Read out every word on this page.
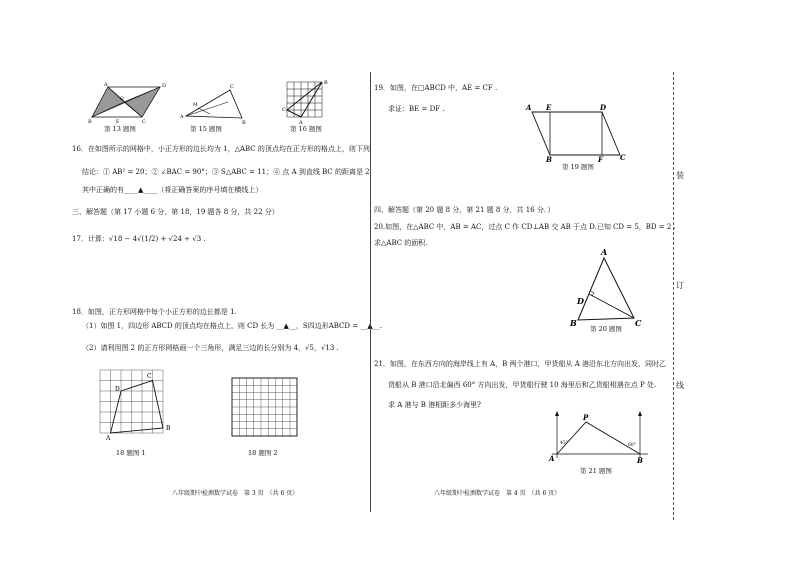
A	D
B	C
O
E
第 13 题图
A
C
B
M
第 15 题图
B
C
A
第 16 题图
16．在如图所示的网格中，小正方形的边长均为 1，△ABC 的顶点均在正方形的格点上，则下列
结论：① AB² = 20；② ∠BAC = 90°；③ S△ABC = 11；④ 点 A 到直线 BC 的距离是 2.
其中正确的有____▲____（将正确答案的序号填在横线上）
三、解答题（第 17 小题 6 分，第 18，19 题各 8 分，共 22 分）
17．计算：√18 − 4√(1/2) + √24 ÷ √3 .
18．如图，正方形网格中每个小正方形的边长都是 1.
（1）如图 1，四边形 ABCD 的顶点均在格点上，则 CD 长为 __▲__，S四边形ABCD = __▲__.
（2）请利用图 2 的正方形网格画一个三角形，满足三边的长分别为 4，√5，√13 .
A
B
C
D
18 题图 1	18 题图 2
八年级期中检测数学试卷　第 3 页　（共 6 页）
19．如图，在□ABCD 中，AE = CF .
求证：BE = DF .	A E	D
B	F C
第 19 题图
四、解答题（第 20 题 8 分，第 21 题 8 分，共 16 分．）
20.如图，在△ABC 中，AB = AC，过点 C 作 CD⊥AB 交 AB 于点 D.已知 CD = 5，BD = 2 .
求△ABC 的面积.
A
D
B	C
第 20 题图
21．如图，在东西方向的海岸线上有 A，B 两个港口，甲货船从 A 港沿东北方向出发，同时乙
货船从 B 港口沿北偏西 60° 方向出发，甲货船行驶 10 海里后和乙货船相遇在点 P 处.
求 A 港与 B 港相距多少海里?
P
A	B
45°	60°
第 21 题图
八年级期中检测数学试卷　第 4 页　（共 6 页）
装
订
线
